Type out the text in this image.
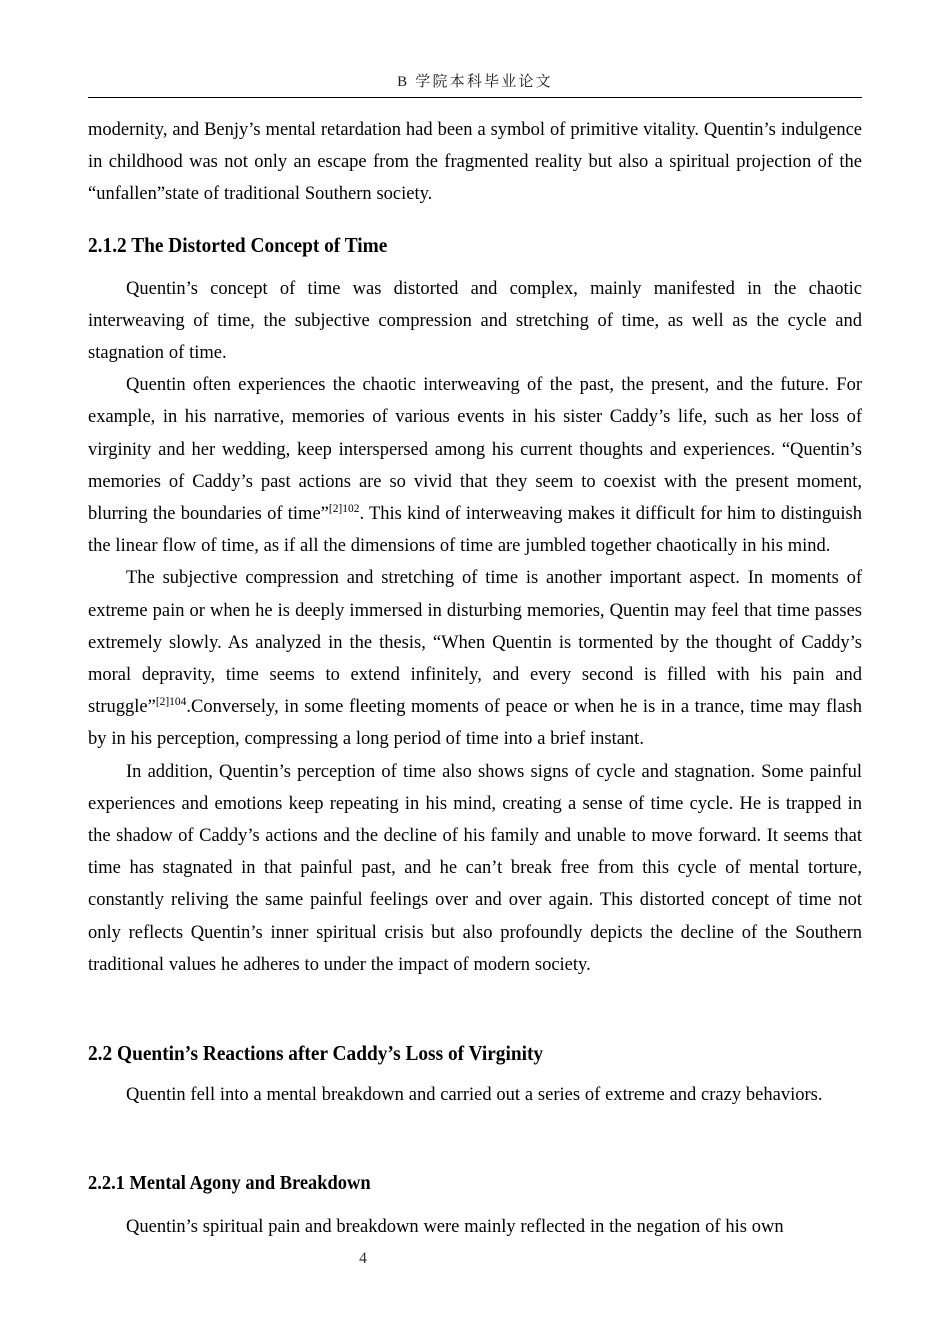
B 学院本科毕业论文

modernity, and Benjy’s mental retardation had been a symbol of primitive vitality. Quentin’s indulgence in childhood was not only an escape from the fragmented reality but also a spiritual projection of the “unfallen”state of traditional Southern society.

2.1.2 The Distorted Concept of Time

Quentin’s concept of time was distorted and complex, mainly manifested in the chaotic interweaving of time, the subjective compression and stretching of time, as well as the cycle and stagnation of time.

Quentin often experiences the chaotic interweaving of the past, the present, and the future. For example, in his narrative, memories of various events in his sister Caddy’s life, such as her loss of virginity and her wedding, keep interspersed among his current thoughts and experiences. “Quentin’s memories of Caddy’s past actions are so vivid that they seem to coexist with the present moment, blurring the boundaries of time”$^{[2]102}$. This kind of interweaving makes it difficult for him to distinguish the linear flow of time, as if all the dimensions of time are jumbled together chaotically in his mind.

The subjective compression and stretching of time is another important aspect. In moments of extreme pain or when he is deeply immersed in disturbing memories, Quentin may feel that time passes extremely slowly. As analyzed in the thesis, “When Quentin is tormented by the thought of Caddy’s moral depravity, time seems to extend infinitely, and every second is filled with his pain and struggle”$^{[2]104}$.Conversely, in some fleeting moments of peace or when he is in a trance, time may flash by in his perception, compressing a long period of time into a brief instant.

In addition, Quentin’s perception of time also shows signs of cycle and stagnation. Some painful experiences and emotions keep repeating in his mind, creating a sense of time cycle. He is trapped in the shadow of Caddy’s actions and the decline of his family and unable to move forward. It seems that time has stagnated in that painful past, and he can’t break free from this cycle of mental torture, constantly reliving the same painful feelings over and over again. This distorted concept of time not only reflects Quentin’s inner spiritual crisis but also profoundly depicts the decline of the Southern traditional values he adheres to under the impact of modern society.

2.2 Quentin’s Reactions after Caddy’s Loss of Virginity

Quentin fell into a mental breakdown and carried out a series of extreme and crazy behaviors.

2.2.1 Mental Agony and Breakdown

Quentin’s spiritual pain and breakdown were mainly reflected in the negation of his own

4
